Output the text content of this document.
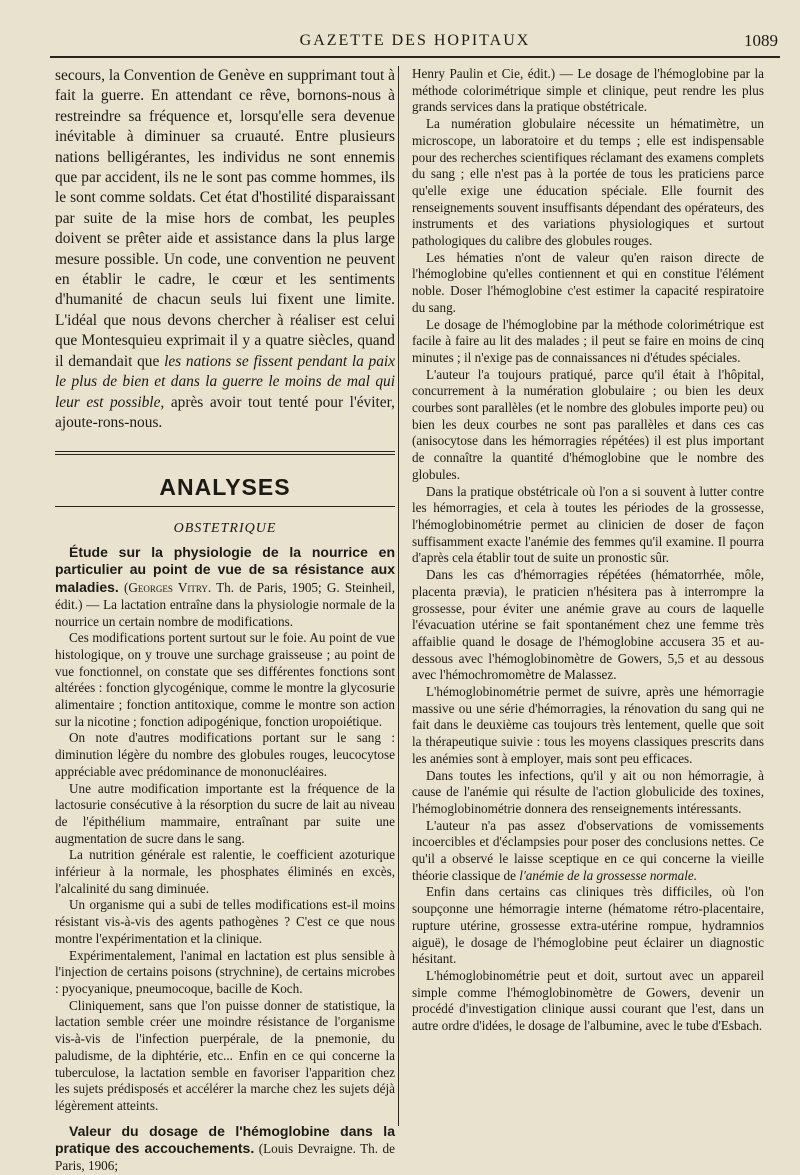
GAZETTE DES HOPITAUX	1089

secours, la Convention de Genève en supprimant tout à fait la guerre. En attendant ce rêve, bornons-nous à restreindre sa fréquence et, lorsqu'elle sera devenue inévitable à diminuer sa cruauté. Entre plusieurs nations belligérantes, les individus ne sont ennemis que par accident, ils ne le sont pas comme hommes, ils le sont comme soldats. Cet état d'hostilité disparaissant par suite de la mise hors de combat, les peuples doivent se prêter aide et assistance dans la plus large mesure possible. Un code, une convention ne peuvent en établir le cadre, le cœur et les sentiments d'humanité de chacun seuls lui fixent une limite. L'idéal que nous devons chercher à réaliser est celui que Montesquieu exprimait il y a quatre siècles, quand il demandait que les nations se fissent pendant la paix le plus de bien et dans la guerre le moins de mal qui leur est possible, après avoir tout tenté pour l'éviter, ajoute-rons-nous.

ANALYSES
OBSTETRIQUE

Étude sur la physiologie de la nourrice en particulier au point de vue de sa résistance aux maladies. (Georges Vitry. Th. de Paris, 1905; G. Steinheil, édit.) — La lactation entraîne dans la physiologie normale de la nourrice un certain nombre de modifications.

Ces modifications portent surtout sur le foie. Au point de vue histologique, on y trouve une surchage graisseuse ; au point de vue fonctionnel, on constate que ses différentes fonctions sont altérées : fonction glycogénique, comme le montre la glycosurie alimentaire ; fonction antitoxique, comme le montre son action sur la nicotine ; fonction adipogénique, fonction uropoiétique.

On note d'autres modifications portant sur le sang : diminution légère du nombre des globules rouges, leucocytose appréciable avec prédominance de mononucléaires.

Une autre modification importante est la fréquence de la lactosurie consécutive à la résorption du sucre de lait au niveau de l'épithélium mammaire, entraînant par suite une augmentation de sucre dans le sang.

La nutrition générale est ralentie, le coefficient azoturique inférieur à la normale, les phosphates éliminés en excès, l'alcalinité du sang diminuée.

Un organisme qui a subi de telles modifications est-il moins résistant vis-à-vis des agents pathogènes ? C'est ce que nous montre l'expérimentation et la clinique.

Expérimentalement, l'animal en lactation est plus sensible à l'injection de certains poisons (strychnine), de certains microbes : pyocyanique, pneumocoque, bacille de Koch.

Cliniquement, sans que l'on puisse donner de statistique, la lactation semble créer une moindre résistance de l'organisme vis-à-vis de l'infection puerpérale, de la pnemonie, du paludisme, de la diphtérie, etc... Enfin en ce qui concerne la tuberculose, la lactation semble en favoriser l'apparition chez les sujets prédisposés et accélérer la marche chez les sujets déjà légèrement atteints.

Valeur du dosage de l'hémoglobine dans la pratique des accouchements. (Louis Devraigne. Th. de Paris, 1906;

Henry Paulin et Cie, édit.) — Le dosage de l'hémoglobine par la méthode colorimétrique simple et clinique, peut rendre les plus grands services dans la pratique obstétricale.

La numération globulaire nécessite un hématimètre, un microscope, un laboratoire et du temps ; elle est indispensable pour des recherches scientifiques réclamant des examens complets du sang ; elle n'est pas à la portée de tous les praticiens parce qu'elle exige une éducation spéciale. Elle fournit des renseignements souvent insuffisants dépendant des opérateurs, des instruments et des variations physiologiques et surtout pathologiques du calibre des globules rouges.

Les hématies n'ont de valeur qu'en raison directe de l'hémoglobine qu'elles contiennent et qui en constitue l'élément noble. Doser l'hémoglobine c'est estimer la capacité respiratoire du sang.

Le dosage de l'hémoglobine par la méthode colorimétrique est facile à faire au lit des malades ; il peut se faire en moins de cinq minutes ; il n'exige pas de connaissances ni d'études spéciales.

L'auteur l'a toujours pratiqué, parce qu'il était à l'hôpital, concurrement à la numération globulaire ; ou bien les deux courbes sont parallèles (et le nombre des globules importe peu) ou bien les deux courbes ne sont pas parallèles et dans ces cas (anisocytose dans les hémorragies répétées) il est plus important de connaître la quantité d'hémoglobine que le nombre des globules.

Dans la pratique obstétricale où l'on a si souvent à lutter contre les hémorragies, et cela à toutes les périodes de la grossesse, l'hémoglobinométrie permet au clinicien de doser de façon suffisamment exacte l'anémie des femmes qu'il examine. Il pourra d'après cela établir tout de suite un pronostic sûr.

Dans les cas d'hémorragies répétées (hématorrhée, môle, placenta prævia), le praticien n'hésitera pas à interrompre la grossesse, pour éviter une anémie grave au cours de laquelle l'évacuation utérine se fait spontanément chez une femme très affaiblie quand le dosage de l'hémoglobine accusera 35 et au-dessous avec l'hémoglobinomètre de Gowers, 5,5 et au dessous avec l'hémochromomètre de Malassez.

L'hémoglobinométrie permet de suivre, après une hémorragie massive ou une série d'hémorragies, la rénovation du sang qui ne fait dans le deuxième cas toujours très lentement, quelle que soit la thérapeutique suivie : tous les moyens classiques prescrits dans les anémies sont à employer, mais sont peu efficaces.

Dans toutes les infections, qu'il y ait ou non hémorragie, à cause de l'anémie qui résulte de l'action globulicide des toxines, l'hémoglobinométrie donnera des renseignements intéressants.

L'auteur n'a pas assez d'observations de vomissements incoercibles et d'éclampsies pour poser des conclusions nettes. Ce qu'il a observé le laisse sceptique en ce qui concerne la vieille théorie classique de l'anémie de la grossesse normale.

Enfin dans certains cas cliniques très difficiles, où l'on soupçonne une hémorragie interne (hématome rétro-placentaire, rupture utérine, grossesse extra-utérine rompue, hydramnios aiguë), le dosage de l'hémoglobine peut éclairer un diagnostic hésitant.

L'hémoglobinométrie peut et doit, surtout avec un appareil simple comme l'hémoglobinomètre de Gowers, devenir un procédé d'investigation clinique aussi courant que l'est, dans un autre ordre d'idées, le dosage de l'albumine, avec le tube d'Esbach.
